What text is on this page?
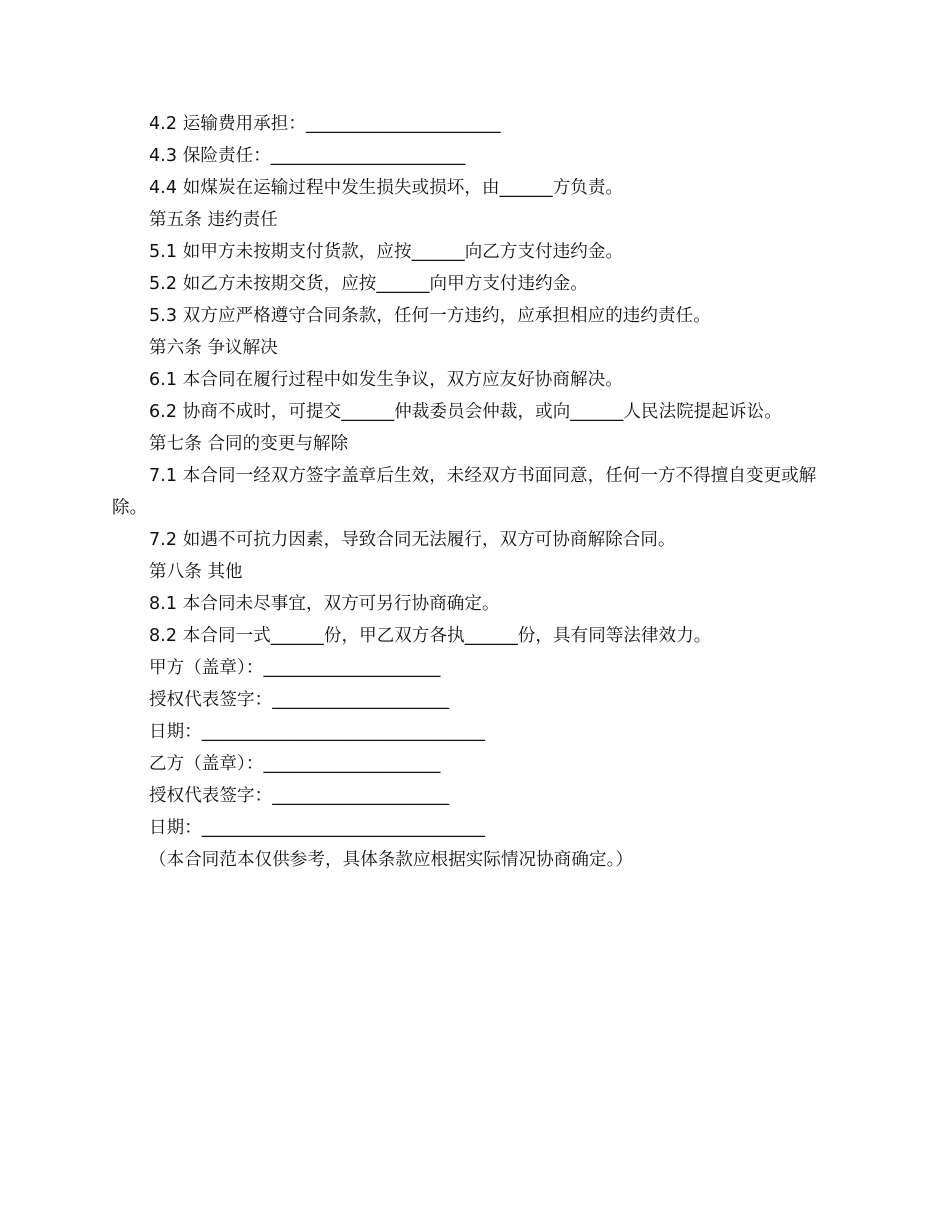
4.2 运输费用承担：______________________

4.3 保险责任：______________________

4.4 如煤炭在运输过程中发生损失或损坏，由______方负责。

第五条 违约责任

5.1 如甲方未按期支付货款，应按______向乙方支付违约金。

5.2 如乙方未按期交货，应按______向甲方支付违约金。

5.3 双方应严格遵守合同条款，任何一方违约，应承担相应的违约责任。

第六条 争议解决

6.1 本合同在履行过程中如发生争议，双方应友好协商解决。

6.2 协商不成时，可提交______仲裁委员会仲裁，或向______人民法院提起诉讼。

第七条 合同的变更与解除

7.1 本合同一经双方签字盖章后生效，未经双方书面同意，任何一方不得擅自变更或解除。

7.2 如遇不可抗力因素，导致合同无法履行，双方可协商解除合同。

第八条 其他

8.1 本合同未尽事宜，双方可另行协商确定。

8.2 本合同一式______份，甲乙双方各执______份，具有同等法律效力。

甲方（盖章）：____________________

授权代表签字：____________________

日期：________________________________

乙方（盖章）：____________________

授权代表签字：____________________

日期：________________________________

（本合同范本仅供参考，具体条款应根据实际情况协商确定。）
